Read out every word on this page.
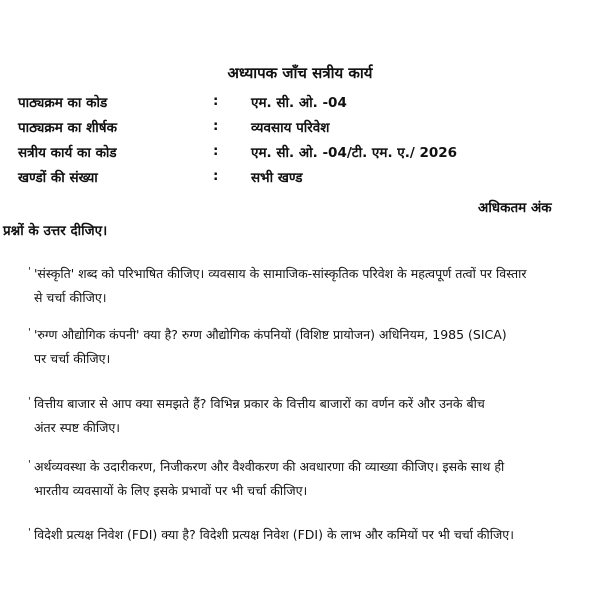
अध्यापक जाँच सत्रीय कार्य
पाठ्यक्रम का कोड	: एम. सी. ओ. -04
पाठ्यक्रम का शीर्षक	: व्यवसाय परिवेश
सत्रीय कार्य का कोड	: एम. सी. ओ. -04/टी. एम. ए./ 2026
खण्डों की संख्या	: सभी खण्ड
अधिकतम अंक
प्रश्नों के उत्तर दीजिए।
' 'संस्कृति' शब्द को परिभाषित कीजिए। व्यवसाय के सामाजिक-सांस्कृतिक परिवेश के महत्वपूर्ण तत्वों पर विस्तार
से चर्चा कीजिए।
' 'रुग्ण औद्योगिक कंपनी' क्या है? रुग्ण औद्योगिक कंपनियों (विशिष्ट प्रायोजन) अधिनियम, 1985 (SICA)
पर चर्चा कीजिए।
' वित्तीय बाजार से आप क्या समझते हैं? विभिन्न प्रकार के वित्तीय बाजारों का वर्णन करें और उनके बीच
अंतर स्पष्ट कीजिए।
' अर्थव्यवस्था के उदारीकरण, निजीकरण और वैश्वीकरण की अवधारणा की व्याख्या कीजिए। इसके साथ ही
भारतीय व्यवसायों के लिए इसके प्रभावों पर भी चर्चा कीजिए।
' विदेशी प्रत्यक्ष निवेश (FDI) क्या है? विदेशी प्रत्यक्ष निवेश (FDI) के लाभ और कमियों पर भी चर्चा कीजिए।
